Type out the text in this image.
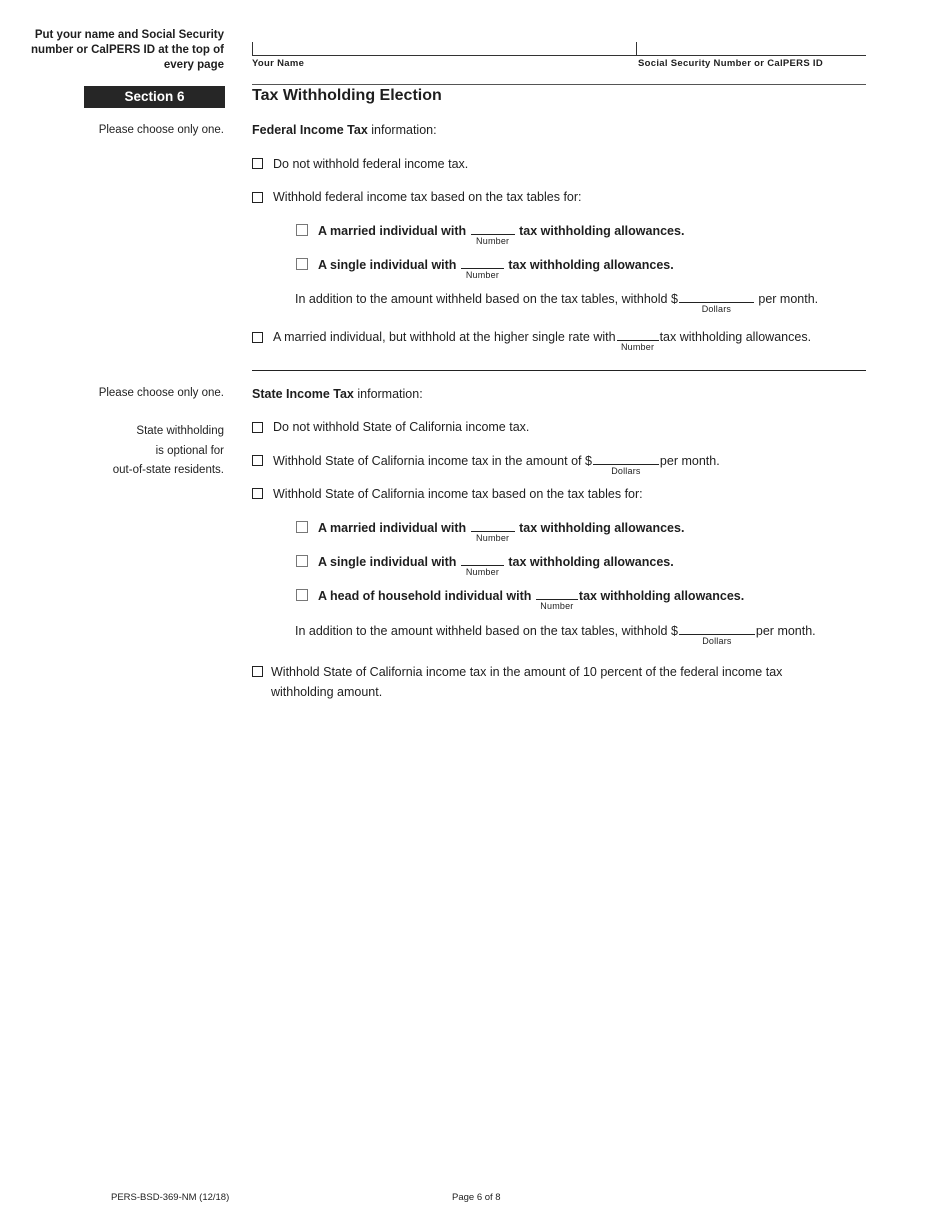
Put your name and Social Security number or CalPERS ID at the top of every page	Your Name	Social Security Number or CalPERS ID
Section 6	Tax Withholding Election
Please choose only one. Federal Income Tax information:
Do not withhold federal income tax.
Withhold federal income tax based on the tax tables for:
A married individual with
Number
tax withholding allowances.
A single individual with
Number
tax withholding allowances.
In addition to the amount withheld based on the tax tables, withhold $
Dollars
per month.
A married individual, but withhold at the higher single rate with
Number
tax withholding allowances.
Please choose only one. State Income Tax information:
State withholding
is optional for
out-of-state residents.
Do not withhold State of California income tax.
Withhold State of California income tax in the amount of $
Dollars
per month.
Withhold State of California income tax based on the tax tables for:
A married individual with
Number
tax withholding allowances.
A single individual with
Number
tax withholding allowances.
A head of household individual with
Number
tax withholding allowances.
In addition to the amount withheld based on the tax tables, withhold $
Dollars
per month.
Withhold State of California income tax in the amount of 10 percent of the federal income tax
withholding amount.
PERS-BSD-369-NM (12/18)	Page 6 of 8
